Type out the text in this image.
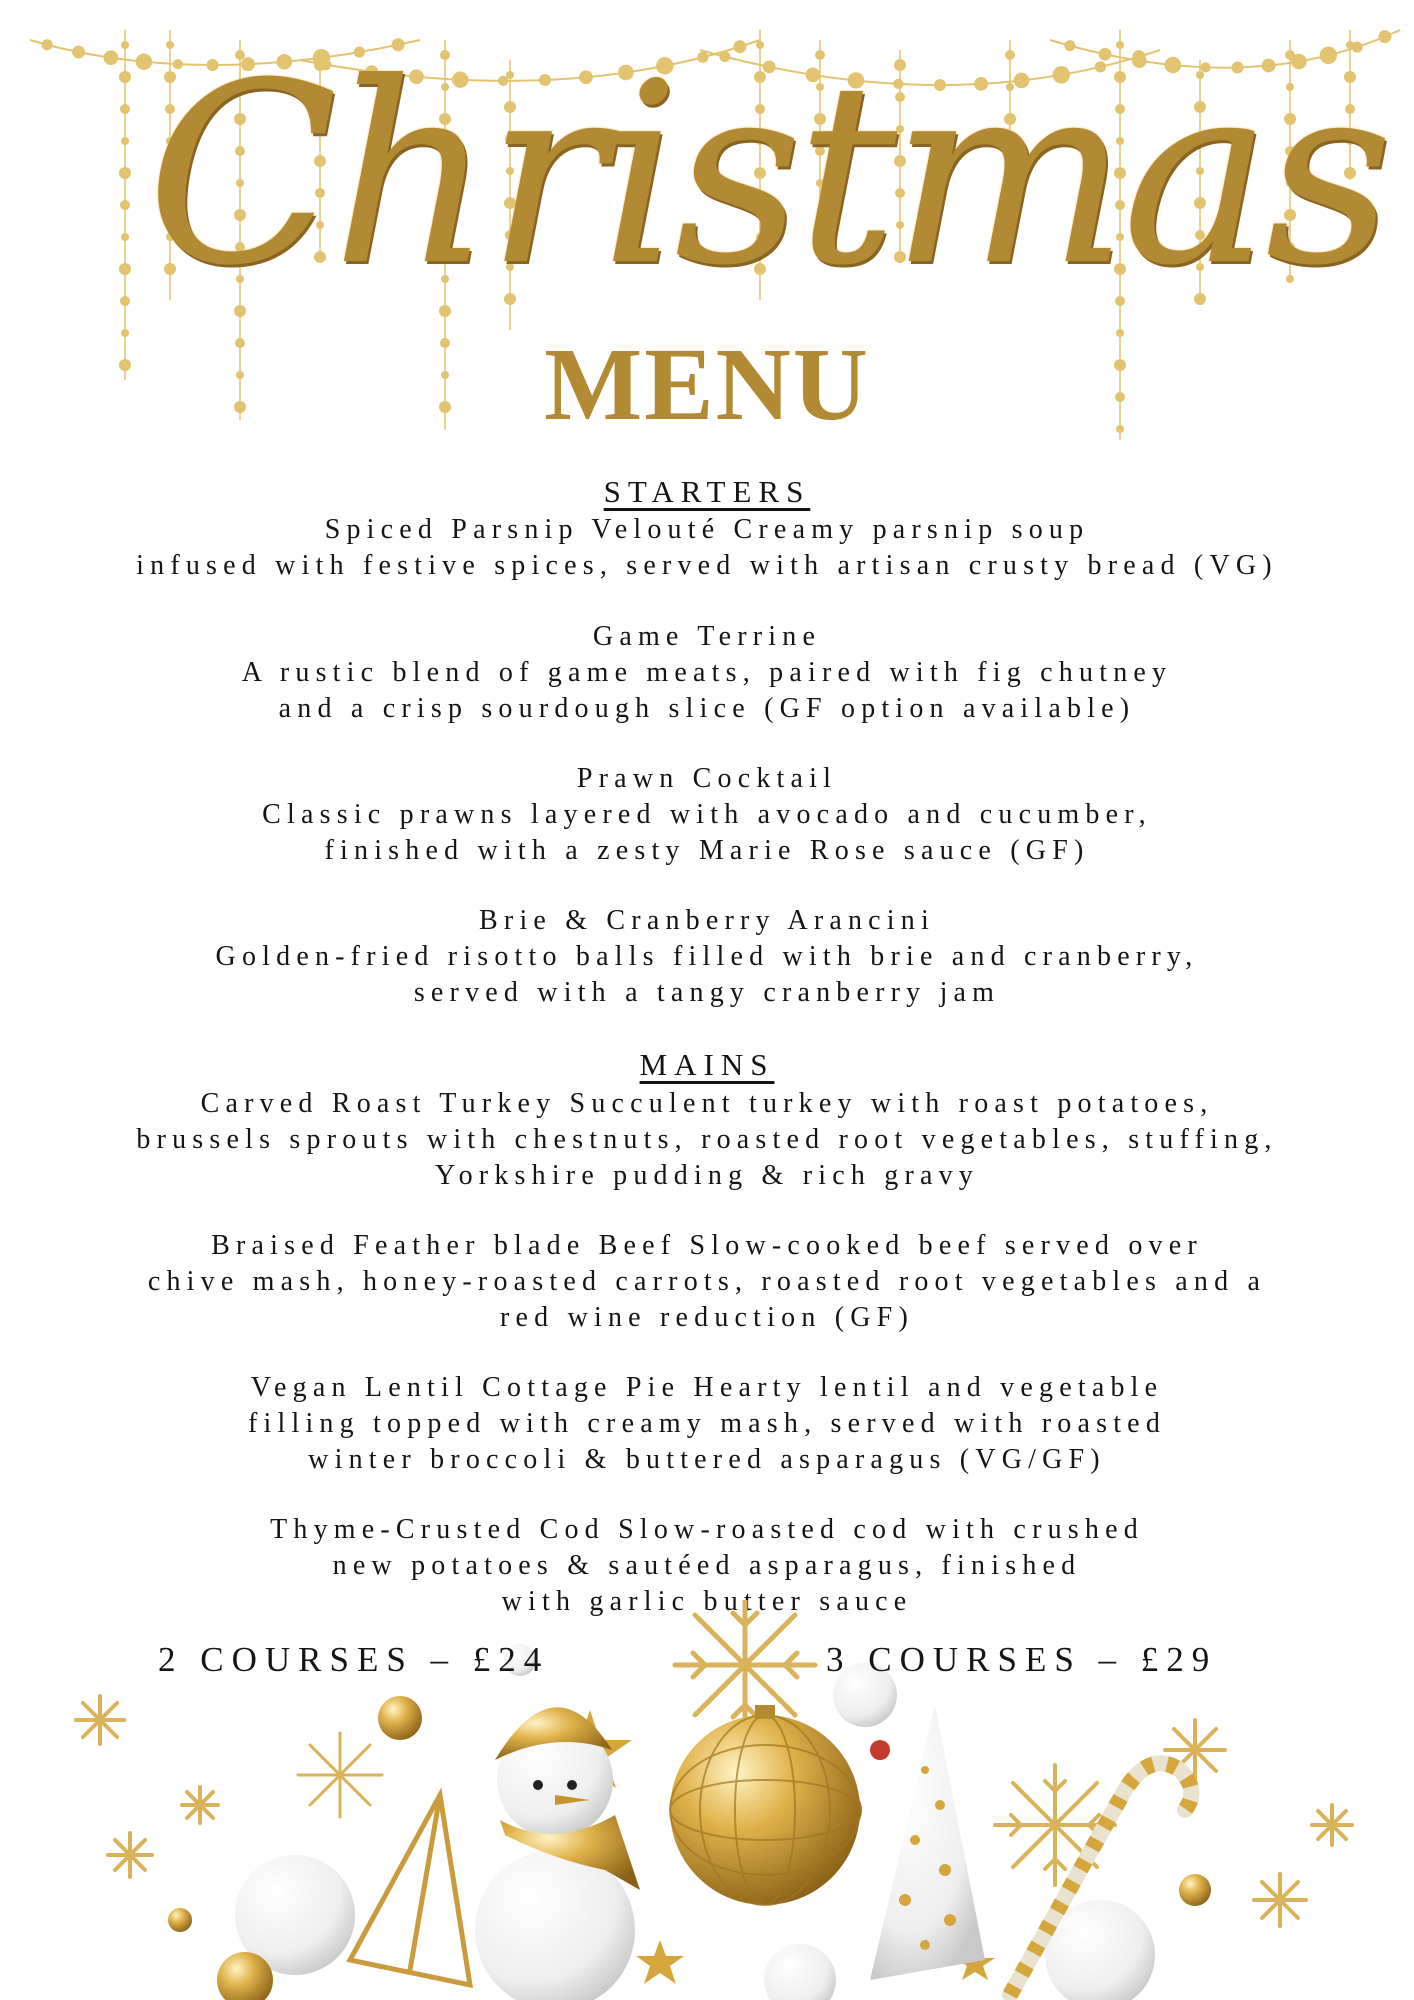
Christmas
MENU
STARTERS
Spiced Parsnip Velouté Creamy parsnip soup
infused with festive spices, served with artisan crusty bread (VG)
Game Terrine
A rustic blend of game meats, paired with fig chutney
and a crisp sourdough slice (GF option available)
Prawn Cocktail
Classic prawns layered with avocado and cucumber,
finished with a zesty Marie Rose sauce (GF)
Brie & Cranberry Arancini
Golden-fried risotto balls filled with brie and cranberry,
served with a tangy cranberry jam
MAINS
Carved Roast Turkey Succulent turkey with roast potatoes,
brussels sprouts with chestnuts, roasted root vegetables, stuffing,
Yorkshire pudding & rich gravy
Braised Feather blade Beef Slow-cooked beef served over
chive mash, honey-roasted carrots, roasted root vegetables and a
red wine reduction (GF)
Vegan Lentil Cottage Pie Hearty lentil and vegetable
filling topped with creamy mash, served with roasted
winter broccoli & buttered asparagus (VG/GF)
Thyme-Crusted Cod Slow-roasted cod with crushed
new potatoes & sautéed asparagus, finished
with garlic butter sauce
2 COURSES – £24	3 COURSES – £29
